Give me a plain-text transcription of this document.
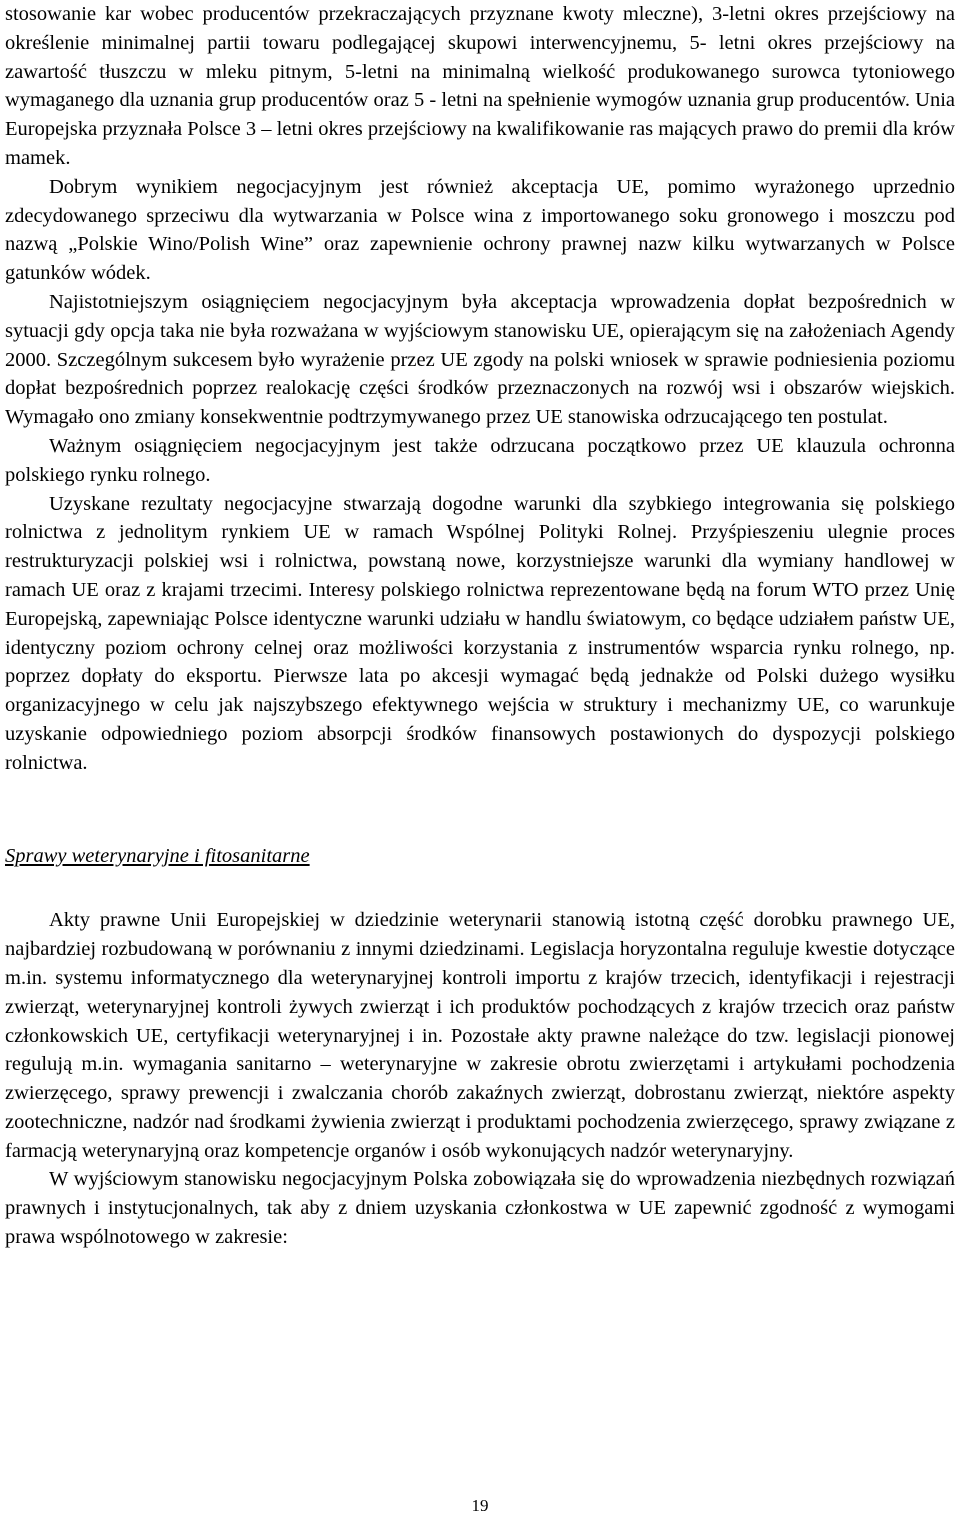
stosowanie kar wobec producentów przekraczających przyznane kwoty mleczne), 3-letni okres przejściowy na określenie minimalnej partii towaru podlegającej skupowi interwencyjnemu, 5- letni okres przejściowy na zawartość tłuszczu w mleku pitnym, 5-letni na minimalną wielkość produkowanego surowca tytoniowego wymaganego dla uznania grup producentów oraz 5 - letni na spełnienie wymogów uznania grup producentów. Unia Europejska przyznała Polsce 3 – letni okres przejściowy na kwalifikowanie ras mających prawo do premii dla krów mamek.

Dobrym wynikiem negocjacyjnym jest również akceptacja UE, pomimo wyrażonego uprzednio zdecydowanego sprzeciwu dla wytwarzania w Polsce wina z importowanego soku gronowego i moszczu pod nazwą „Polskie Wino/Polish Wine” oraz zapewnienie ochrony prawnej nazw kilku wytwarzanych w Polsce gatunków wódek.

Najistotniejszym osiągnięciem negocjacyjnym była akceptacja wprowadzenia dopłat bezpośrednich w sytuacji gdy opcja taka nie była rozważana w wyjściowym stanowisku UE, opierającym się na założeniach Agendy 2000. Szczególnym sukcesem było wyrażenie przez UE zgody na polski wniosek w sprawie podniesienia poziomu dopłat bezpośrednich poprzez realokację części środków przeznaczonych na rozwój wsi i obszarów wiejskich. Wymagało ono zmiany konsekwentnie podtrzymywanego przez UE stanowiska odrzucającego ten postulat.

Ważnym osiągnięciem negocjacyjnym jest także odrzucana początkowo przez UE klauzula ochronna polskiego rynku rolnego.

Uzyskane rezultaty negocjacyjne stwarzają dogodne warunki dla szybkiego integrowania się polskiego rolnictwa z jednolitym rynkiem UE w ramach Wspólnej Polityki Rolnej. Przyśpieszeniu ulegnie proces restrukturyzacji polskiej wsi i rolnictwa, powstaną nowe, korzystniejsze warunki dla wymiany handlowej w ramach UE oraz z krajami trzecimi. Interesy polskiego rolnictwa reprezentowane będą na forum WTO przez Unię Europejską, zapewniając Polsce identyczne warunki udziału w handlu światowym, co będące udziałem państw UE, identyczny poziom ochrony celnej oraz możliwości korzystania z instrumentów wsparcia rynku rolnego, np. poprzez dopłaty do eksportu. Pierwsze lata po akcesji wymagać będą jednakże od Polski dużego wysiłku organizacyjnego w celu jak najszybszego efektywnego wejścia w struktury i mechanizmy UE, co warunkuje uzyskanie odpowiedniego poziom absorpcji środków finansowych postawionych do dyspozycji polskiego rolnictwa.

Sprawy weterynaryjne i fitosanitarne

Akty prawne Unii Europejskiej w dziedzinie weterynarii stanowią istotną część dorobku prawnego UE, najbardziej rozbudowaną w porównaniu z innymi dziedzinami. Legislacja horyzontalna reguluje kwestie dotyczące m.in. systemu informatycznego dla weterynaryjnej kontroli importu z krajów trzecich, identyfikacji i rejestracji zwierząt, weterynaryjnej kontroli żywych zwierząt i ich produktów pochodzących z krajów trzecich oraz państw członkowskich UE, certyfikacji weterynaryjnej i in. Pozostałe akty prawne należące do tzw. legislacji pionowej regulują m.in. wymagania sanitarno – weterynaryjne w zakresie obrotu zwierzętami i artykułami pochodzenia zwierzęcego, sprawy prewencji i zwalczania chorób zakaźnych zwierząt, dobrostanu zwierząt, niektóre aspekty zootechniczne, nadzór nad środkami żywienia zwierząt i produktami pochodzenia zwierzęcego, sprawy związane z farmacją weterynaryjną oraz kompetencje organów i osób wykonujących nadzór weterynaryjny.

W wyjściowym stanowisku negocjacyjnym Polska zobowiązała się do wprowadzenia niezbędnych rozwiązań prawnych i instytucjonalnych, tak aby z dniem uzyskania członkostwa w UE zapewnić zgodność z wymogami prawa wspólnotowego w zakresie:

19
